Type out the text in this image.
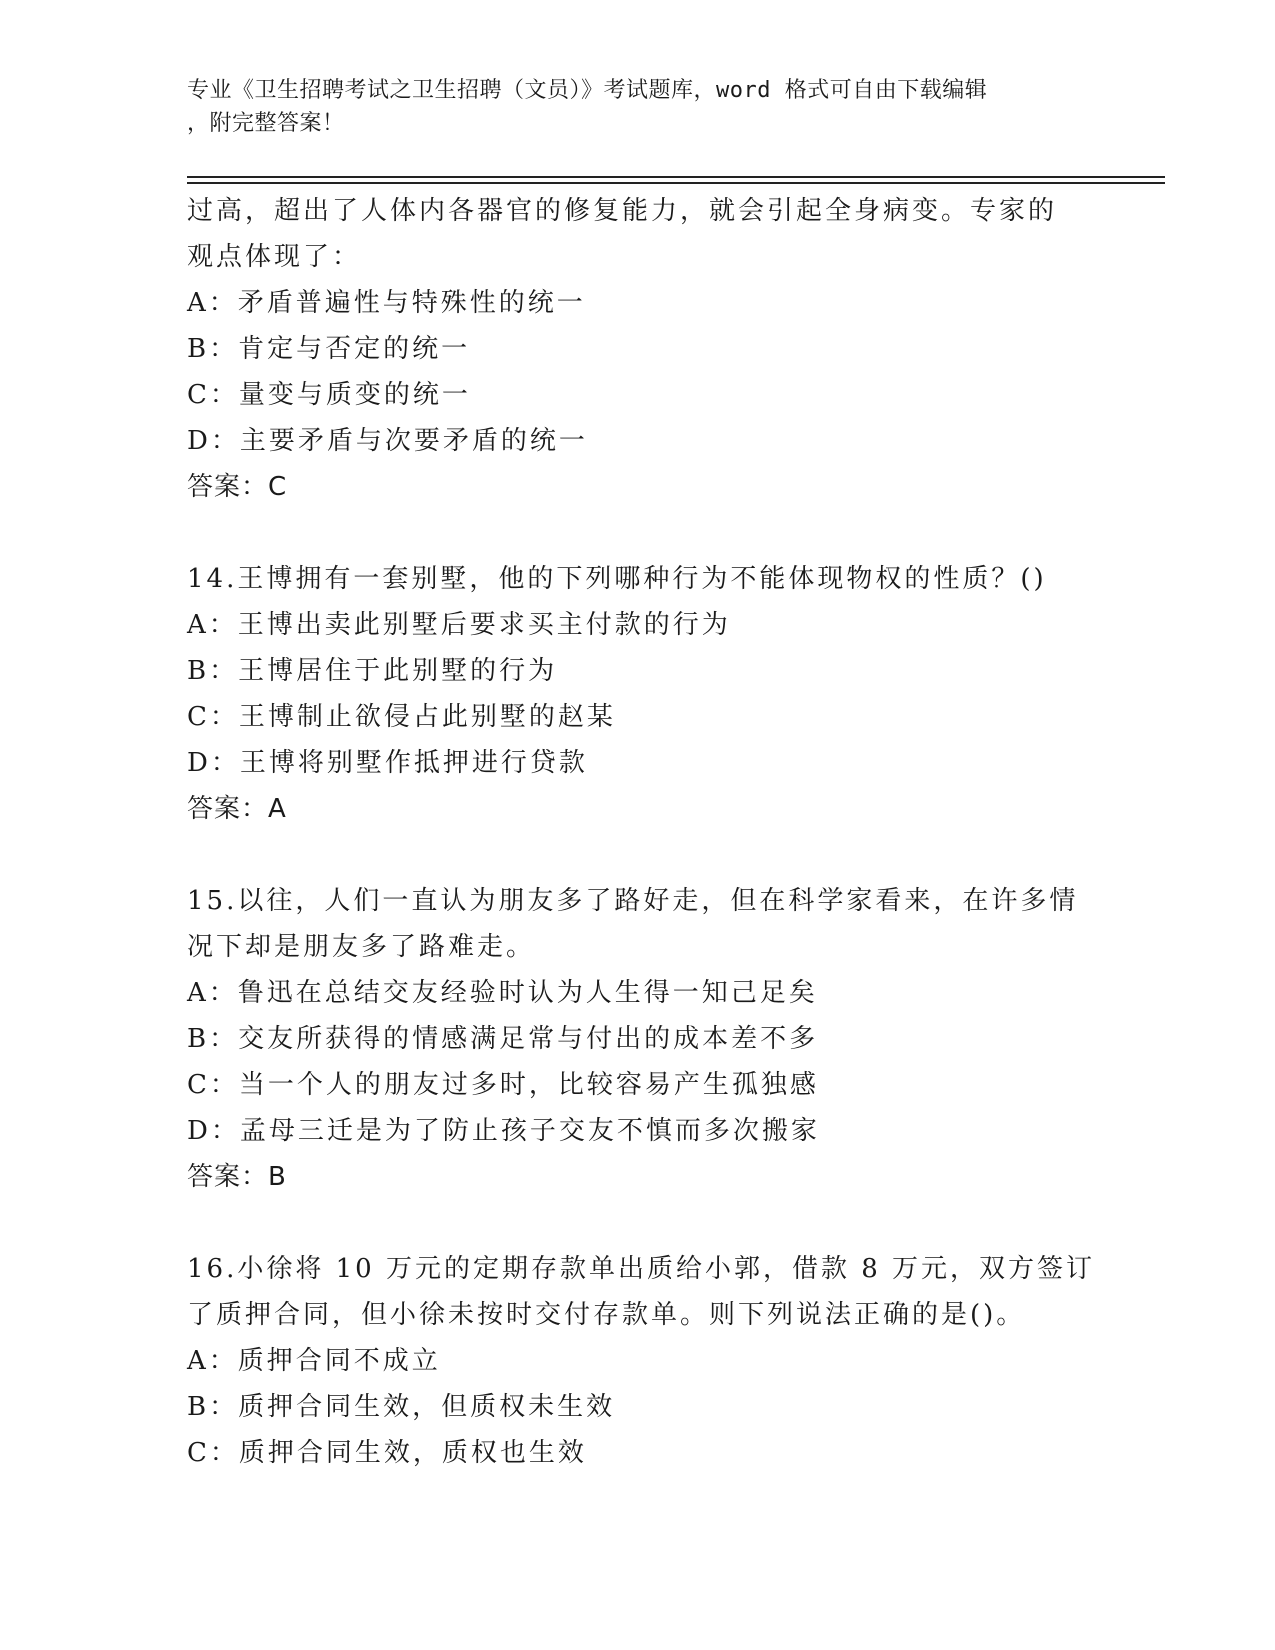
专业《卫生招聘考试之卫生招聘（文员）》考试题库，word 格式可自由下载编辑
，附完整答案！
过高，超出了人体内各器官的修复能力，就会引起全身病变。专家的
观点体现了：
A：矛盾普遍性与特殊性的统一
B：肯定与否定的统一
C：量变与质变的统一
D：主要矛盾与次要矛盾的统一
答案：C
14.王博拥有一套别墅，他的下列哪种行为不能体现物权的性质？()
A：王博出卖此别墅后要求买主付款的行为
B：王博居住于此别墅的行为
C：王博制止欲侵占此别墅的赵某
D：王博将别墅作抵押进行贷款
答案：A
15.以往，人们一直认为朋友多了路好走，但在科学家看来，在许多情
况下却是朋友多了路难走。
A：鲁迅在总结交友经验时认为人生得一知己足矣
B：交友所获得的情感满足常与付出的成本差不多
C：当一个人的朋友过多时，比较容易产生孤独感
D：孟母三迁是为了防止孩子交友不慎而多次搬家
答案：B
16.小徐将 10 万元的定期存款单出质给小郭，借款 8 万元，双方签订
了质押合同，但小徐未按时交付存款单。则下列说法正确的是()。
A：质押合同不成立
B：质押合同生效，但质权未生效
C：质押合同生效，质权也生效
